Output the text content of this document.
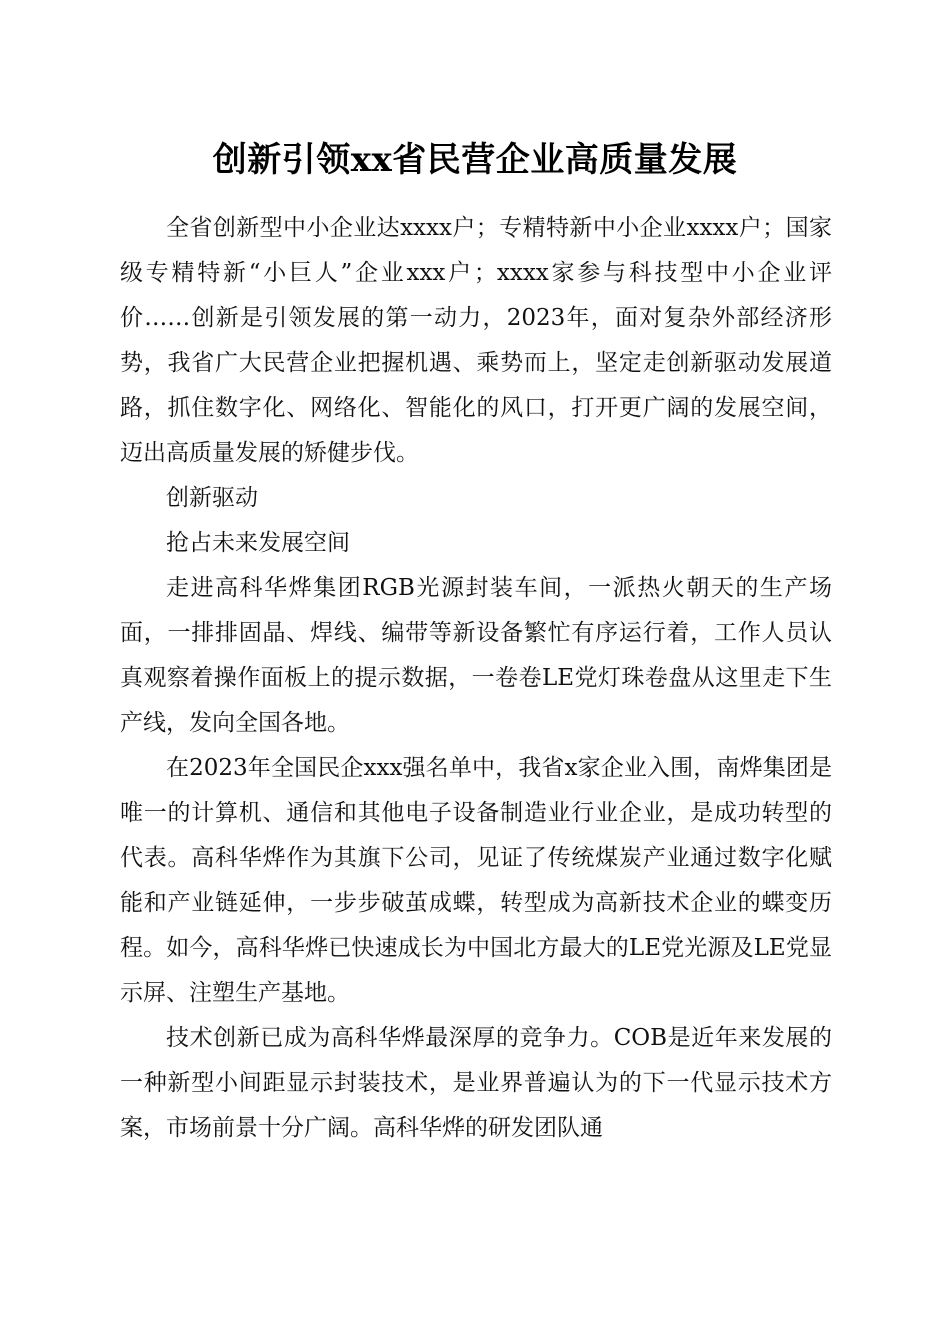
创新引领xx省民营企业高质量发展

全省创新型中小企业达xxxx户；专精特新中小企业xxxx户；国家级专精特新“小巨人”企业xxx户；xxxx家参与科技型中小企业评价……创新是引领发展的第一动力，2023年，面对复杂外部经济形势，我省广大民营企业把握机遇、乘势而上，坚定走创新驱动发展道路，抓住数字化、网络化、智能化的风口，打开更广阔的发展空间，迈出高质量发展的矫健步伐。

创新驱动

抢占未来发展空间

走进高科华烨集团RGB光源封装车间，一派热火朝天的生产场面，一排排固晶、焊线、编带等新设备繁忙有序运行着，工作人员认真观察着操作面板上的提示数据，一卷卷LE党灯珠卷盘从这里走下生产线，发向全国各地。

在2023年全国民企xxx强名单中，我省x家企业入围，南烨集团是唯一的计算机、通信和其他电子设备制造业行业企业，是成功转型的代表。高科华烨作为其旗下公司，见证了传统煤炭产业通过数字化赋能和产业链延伸，一步步破茧成蝶，转型成为高新技术企业的蝶变历程。如今，高科华烨已快速成长为中国北方最大的LE党光源及LE党显示屏、注塑生产基地。

技术创新已成为高科华烨最深厚的竞争力。COB是近年来发展的一种新型小间距显示封装技术，是业界普遍认为的下一代显示技术方案，市场前景十分广阔。高科华烨的研发团队通
